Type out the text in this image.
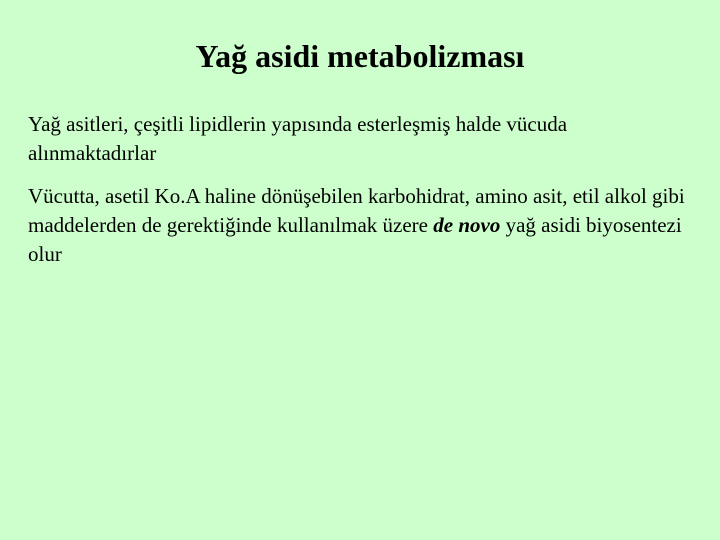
Yağ asidi metabolizması

Yağ asitleri, çeşitli lipidlerin yapısında esterleşmiş halde vücuda alınmaktadırlar

Vücutta, asetil Ko.A haline dönüşebilen karbohidrat, amino asit, etil alkol gibi maddelerden de gerektiğinde kullanılmak üzere de novo yağ asidi biyosentezi olur
